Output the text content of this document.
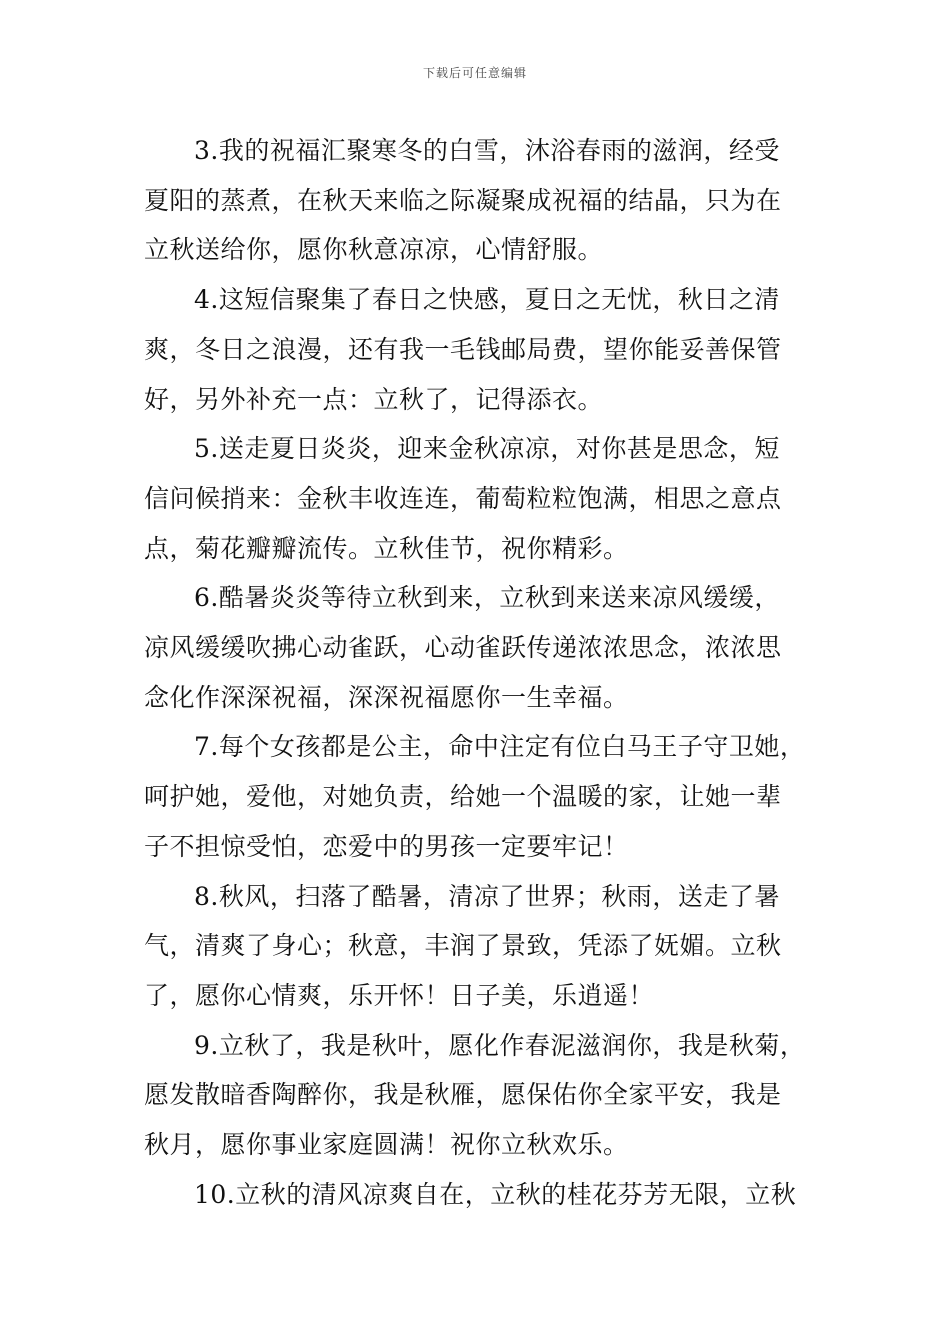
下载后可任意编辑

3.我的祝福汇聚寒冬的白雪，沐浴春雨的滋润，经受
夏阳的蒸煮，在秋天来临之际凝聚成祝福的结晶，只为在
立秋送给你，愿你秋意凉凉，心情舒服。

4.这短信聚集了春日之快感，夏日之无忧，秋日之清
爽，冬日之浪漫，还有我一毛钱邮局费，望你能妥善保管
好，另外补充一点：立秋了，记得添衣。

5.送走夏日炎炎，迎来金秋凉凉，对你甚是思念，短
信问候捎来：金秋丰收连连，葡萄粒粒饱满，相思之意点
点，菊花瓣瓣流传。立秋佳节，祝你精彩。

6.酷暑炎炎等待立秋到来，立秋到来送来凉风缓缓，
凉风缓缓吹拂心动雀跃，心动雀跃传递浓浓思念，浓浓思
念化作深深祝福，深深祝福愿你一生幸福。

7.每个女孩都是公主，命中注定有位白马王子守卫她，
呵护她，爱他，对她负责，给她一个温暖的家，让她一辈
子不担惊受怕，恋爱中的男孩一定要牢记！

8.秋风，扫落了酷暑，清凉了世界；秋雨，送走了暑
气，清爽了身心；秋意，丰润了景致，凭添了妩媚。立秋
了，愿你心情爽，乐开怀！日子美，乐逍遥！

9.立秋了，我是秋叶，愿化作春泥滋润你，我是秋菊，
愿发散暗香陶醉你，我是秋雁，愿保佑你全家平安，我是
秋月，愿你事业家庭圆满！祝你立秋欢乐。

10.立秋的清风凉爽自在，立秋的桂花芬芳无限，立秋
